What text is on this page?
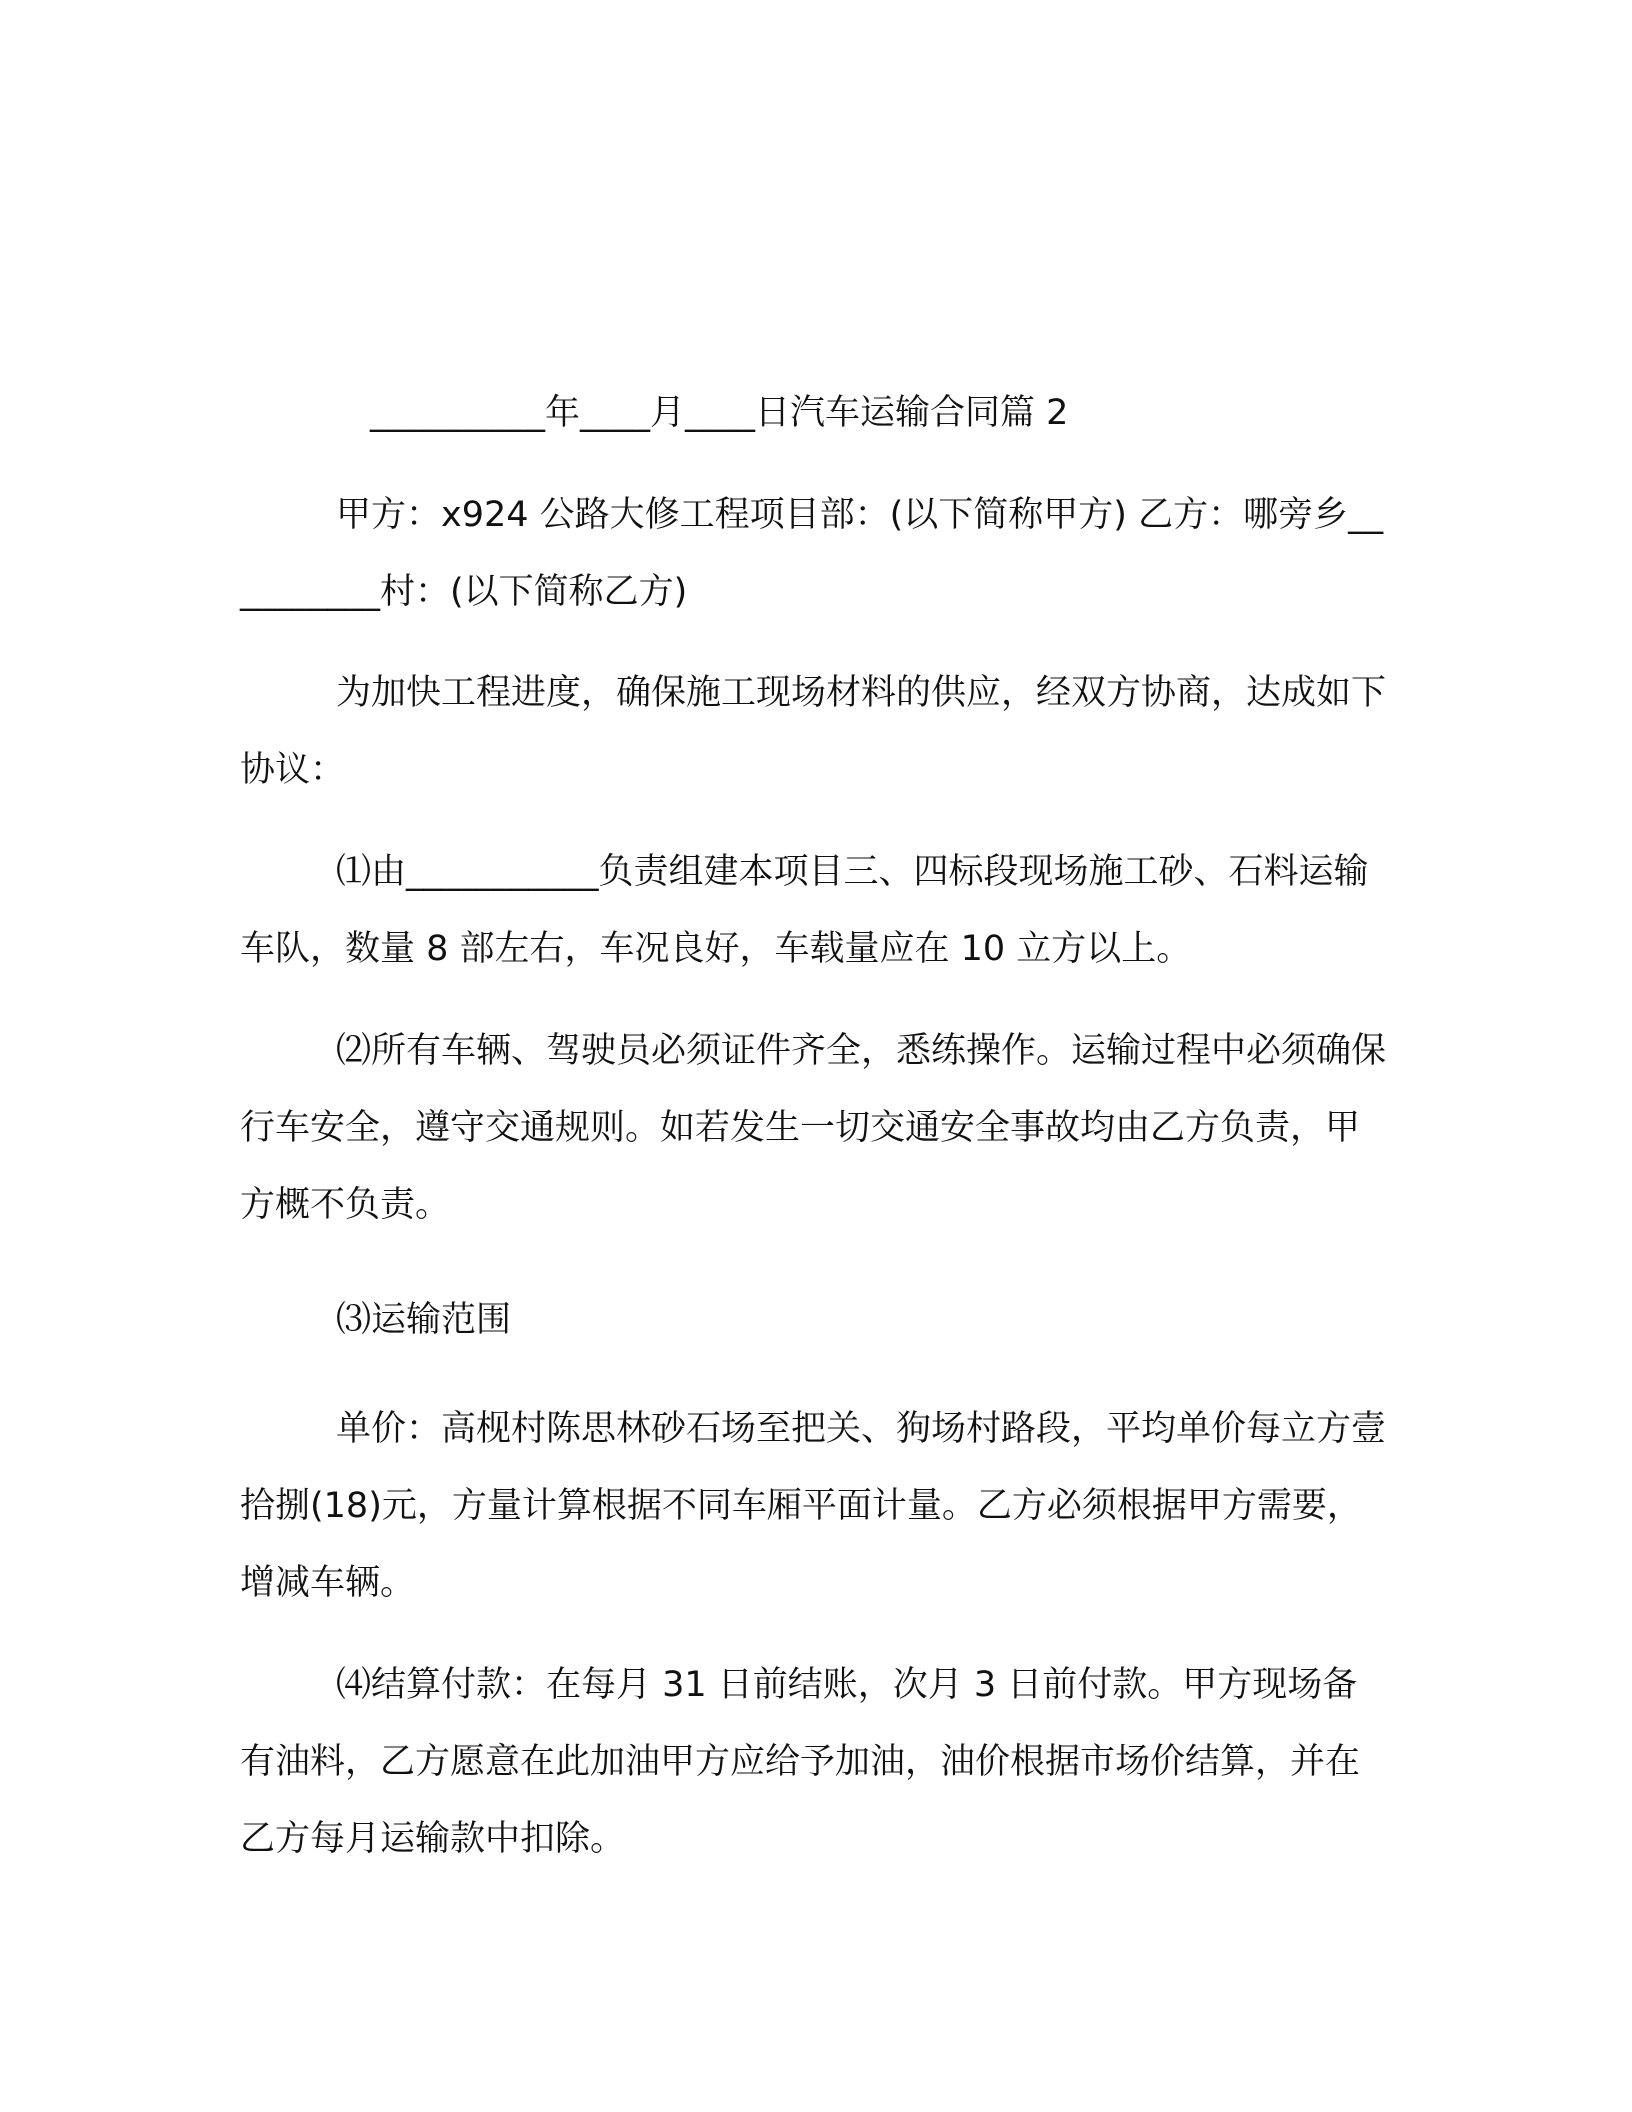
__________年____月____日汽车运输合同篇 2

甲方：x924 公路大修工程项目部：(以下简称甲方) 乙方：哪旁乡__________村：(以下简称乙方)

为加快工程进度，确保施工现场材料的供应，经双方协商，达成如下协议：

⑴由___________负责组建本项目三、四标段现场施工砂、石料运输车队，数量 8 部左右，车况良好，车载量应在 10 立方以上。

⑵所有车辆、驾驶员必须证件齐全，悉练操作。运输过程中必须确保行车安全，遵守交通规则。如若发生一切交通安全事故均由乙方负责，甲方概不负责。

⑶运输范围

单价：高枧村陈思林砂石场至把关、狗场村路段，平均单价每立方壹拾捌(18)元，方量计算根据不同车厢平面计量。乙方必须根据甲方需要，增减车辆。

⑷结算付款：在每月 31 日前结账，次月 3 日前付款。甲方现场备有油料，乙方愿意在此加油甲方应给予加油，油价根据市场价结算，并在乙方每月运输款中扣除。
